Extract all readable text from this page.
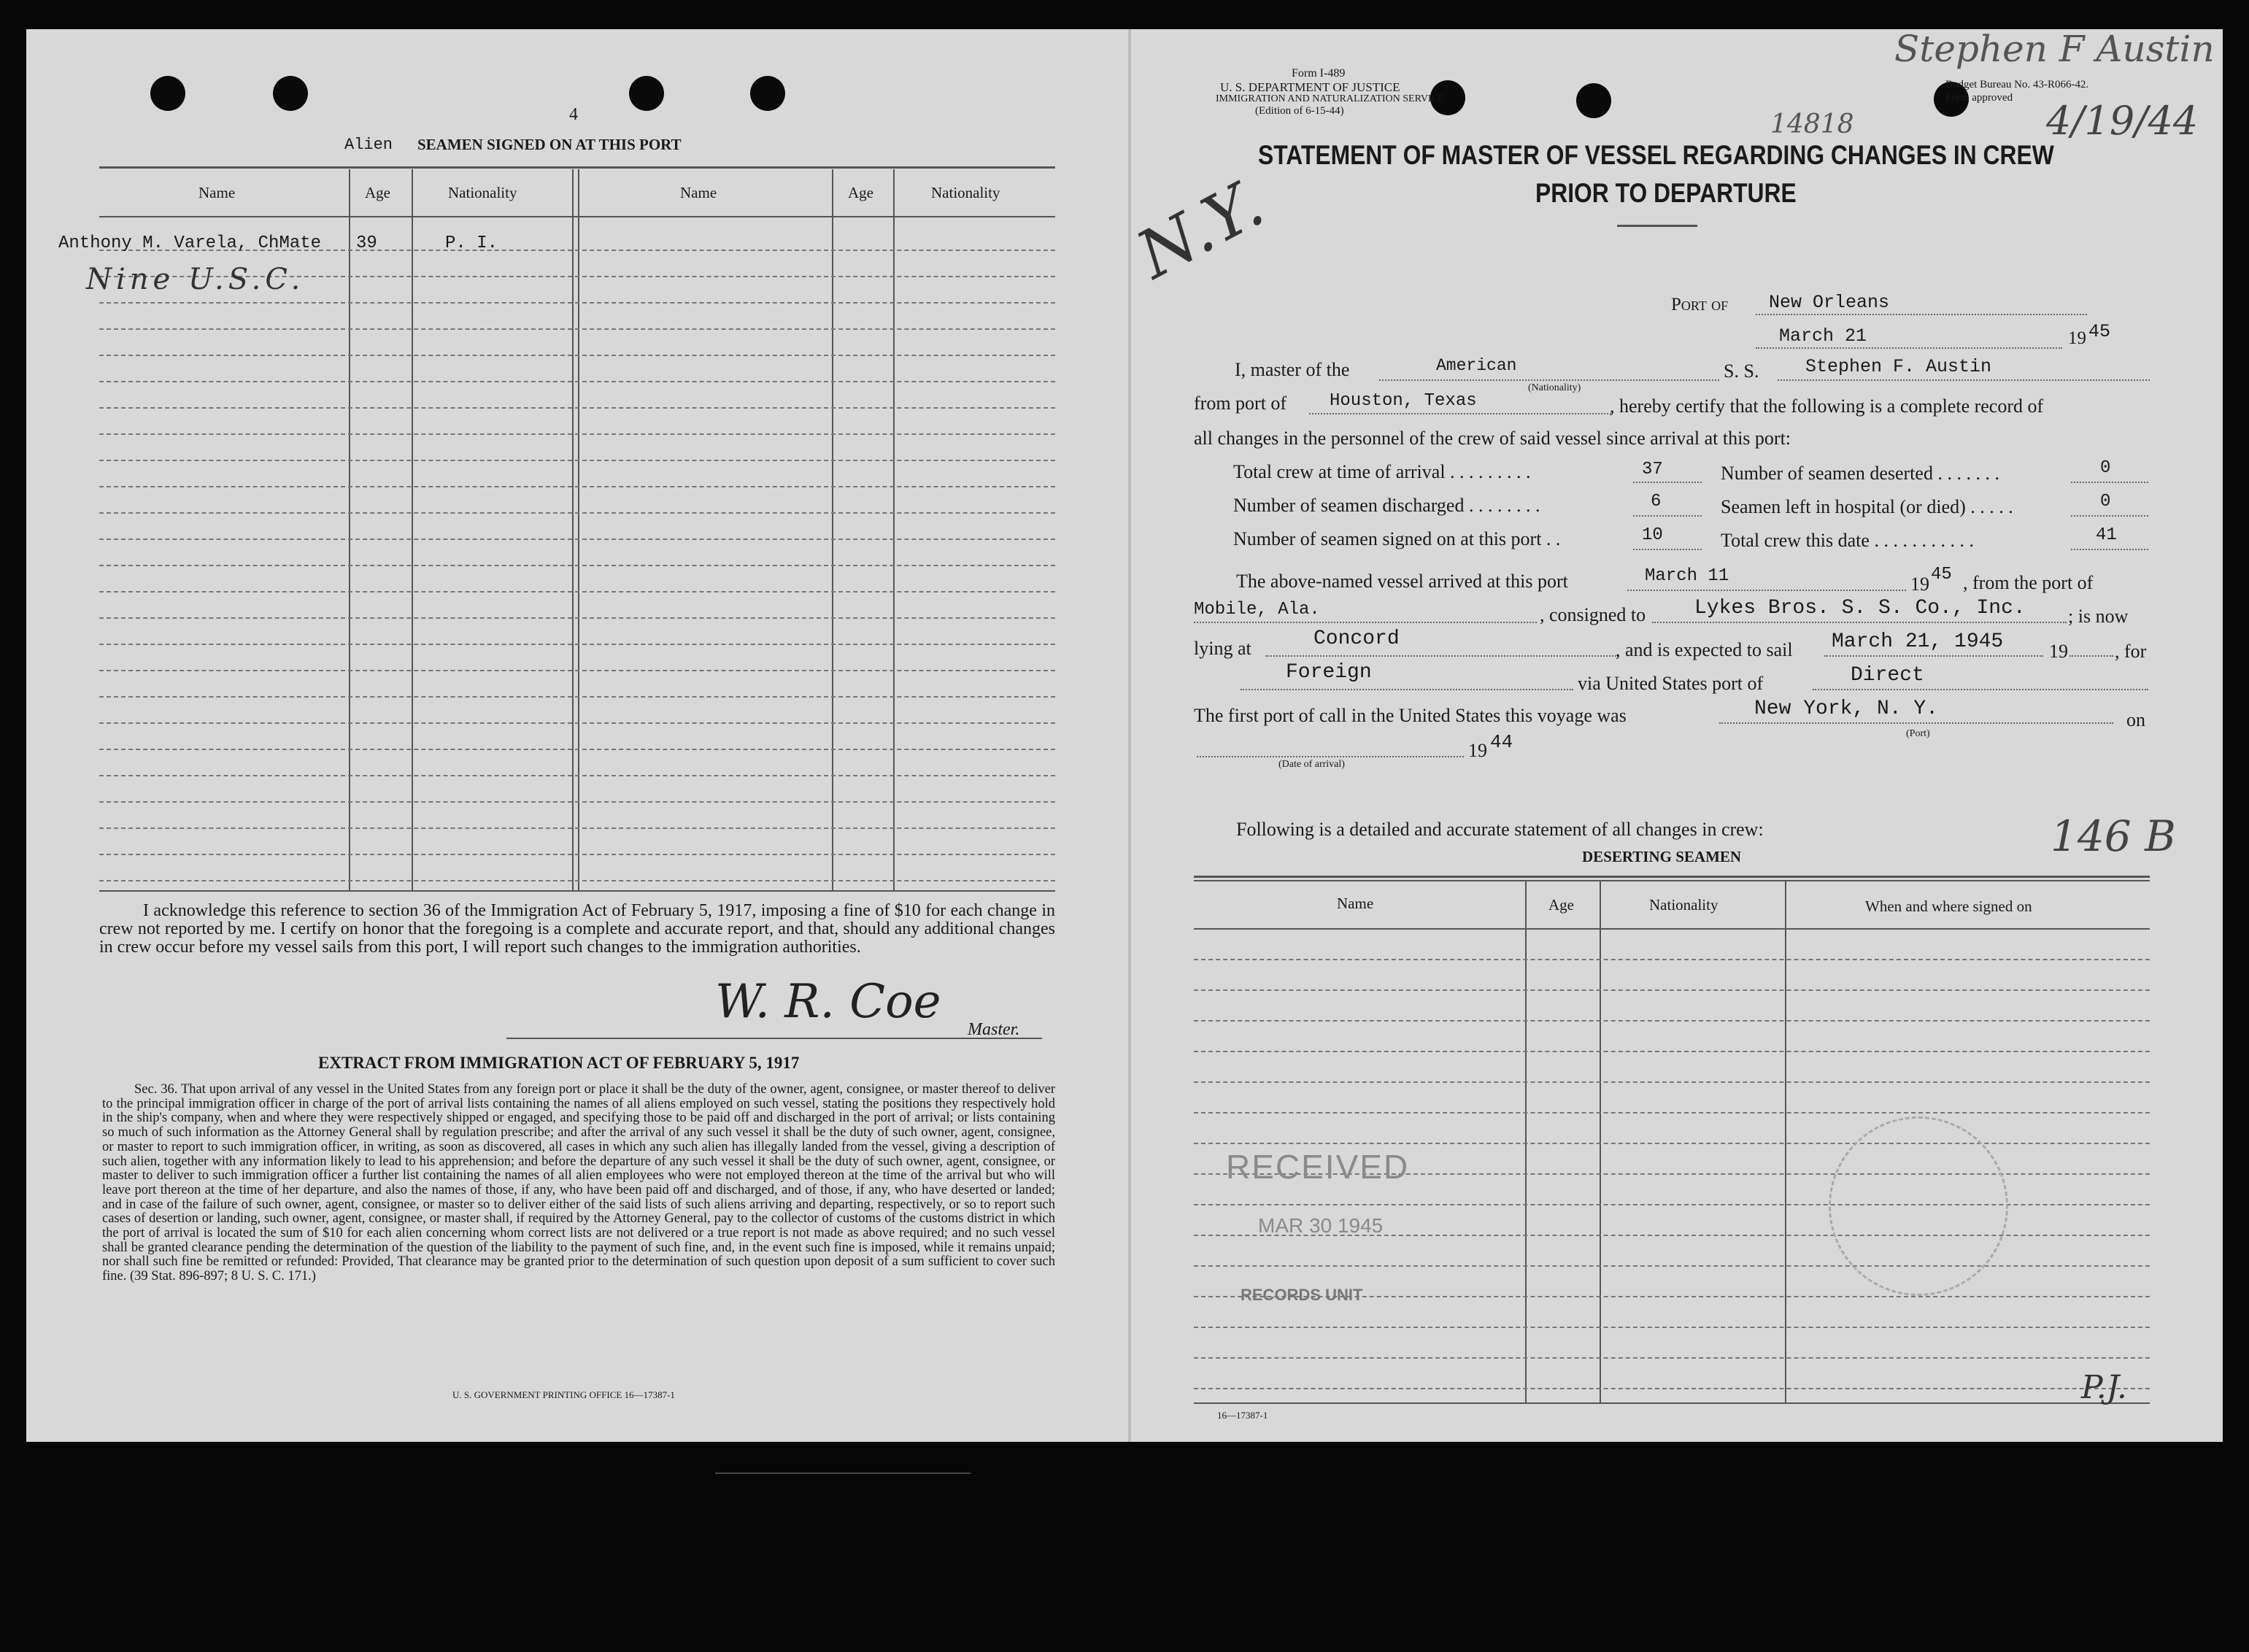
4
Alien SEAMEN SIGNED ON AT THIS PORT
Name	Age	Nationality	Name	Age	Nationality
Anthony M. Varela, ChMate 39	P. I.
Nine U.S.C.
I acknowledge this reference to section 36 of the Immigration Act of February 5, 1917, imposing a fine of $10 for each change in crew not reported by me. I certify on honor that the foregoing is a complete and accurate report, and that, should any additional changes in crew occur before my vessel sails from this port, I will report such changes to the immigration authorities.
W. R. Coe
Master.
EXTRACT FROM IMMIGRATION ACT OF FEBRUARY 5, 1917
Sec. 36. That upon arrival of any vessel in the United States from any foreign port or place it shall be the duty of the owner, agent, consignee, or master thereof to deliver to the principal immigration officer in charge of the port of arrival lists containing the names of all aliens employed on such vessel, stating the positions they respectively hold in the ship's company, when and where they were respectively shipped or engaged, and specifying those to be paid off and discharged in the port of arrival; or lists containing so much of such information as the Attorney General shall by regulation prescribe; and after the arrival of any such vessel it shall be the duty of such owner, agent, consignee, or master to report to such immigration officer, in writing, as soon as discovered, all cases in which any such alien has illegally landed from the vessel, giving a description of such alien, together with any information likely to lead to his apprehension; and before the departure of any such vessel it shall be the duty of such owner, agent, consignee, or master to deliver to such immigration officer a further list containing the names of all alien employees who were not employed thereon at the time of the arrival but who will leave port thereon at the time of her departure, and also the names of those, if any, who have been paid off and discharged, and of those, if any, who have deserted or landed; and in case of the failure of such owner, agent, consignee, or master so to deliver either of the said lists of such aliens arriving and departing, respectively, or so to report such cases of desertion or landing, such owner, agent, consignee, or master shall, if required by the Attorney General, pay to the collector of customs of the customs district in which the port of arrival is located the sum of $10 for each alien concerning whom correct lists are not delivered or a true report is not made as above required; and no such vessel shall be granted clearance pending the determination of the question of the liability to the payment of such fine, and, in the event such fine is imposed, while it remains unpaid; nor shall such fine be remitted or refunded: Provided, That clearance may be granted prior to the determination of such question upon deposit of a sum sufficient to cover such fine. (39 Stat. 896-897; 8 U. S. C. 171.)
U. S. GOVERNMENT PRINTING OFFICE 16—17387-1
Form I-489
U. S. DEPARTMENT OF JUSTICE
IMMIGRATION AND NATURALIZATION SERVICE
(Edition of 6-15-44)
Budget Bureau No. 43-R066-42.
Form approved
Stephen F Austin
4/19/44
14818
N.Y.
STATEMENT OF MASTER OF VESSEL REGARDING CHANGES IN CREW
PRIOR TO DEPARTURE
Port of New Orleans
March 21	19 45
I, master of the	American
(Nationality)
S. S.	Stephen F. Austin
from port of Houston, Texas	, hereby certify that the following is a complete record of
all changes in the personnel of the crew of said vessel since arrival at this port:
Total crew at time of arrival . . . . . . . . .	37	Number of seamen deserted . . . . . . .	0
Number of seamen discharged . . . . . . . .	6	Seamen left in hospital (or died) . . . . .	0
Number of seamen signed on at this port . .	10	Total crew this date . . . . . . . . . . .	41
The above-named vessel arrived at this port	March 11	19 45 , from the port of
Mobile, Ala.	, consigned to Lykes Bros. S. S. Co., Inc. ; is now
lying at	Concord	, and is expected to sail March 21, 1945 19 , for
Foreign	via United States port of	Direct
The first port of call in the United States this voyage was	New York, N. Y.
(Port)
on
19 44
(Date of arrival)
Following is a detailed and accurate statement of all changes in crew:	146 B
DESERTING SEAMEN
Name	Age	Nationality	When and where signed on
RECEIVED
MAR 30 1945
RECORDS UNIT
P.J.
16—17387-1
